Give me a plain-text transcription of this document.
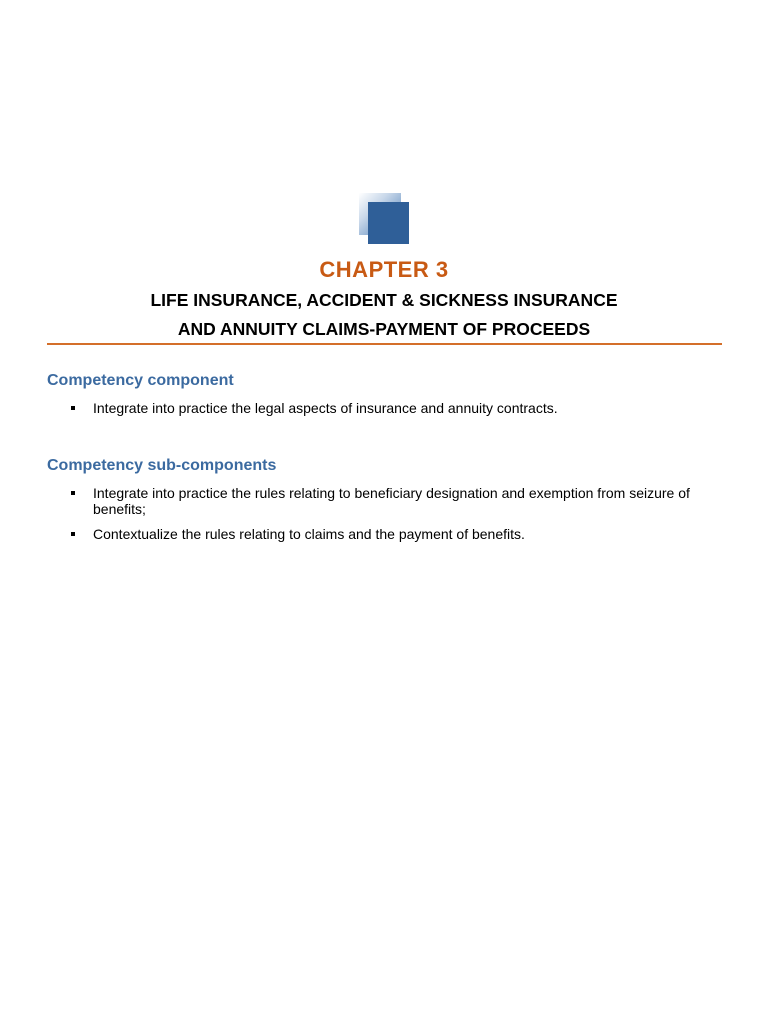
CHAPTER 3
LIFE INSURANCE, ACCIDENT & SICKNESS INSURANCE
AND ANNUITY CLAIMS-PAYMENT OF PROCEEDS
Competency component
Integrate into practice the legal aspects of insurance and annuity contracts.
Competency sub-components
Integrate into practice the rules relating to beneficiary designation and exemption from seizure of benefits;
Contextualize the rules relating to claims and the payment of benefits.
